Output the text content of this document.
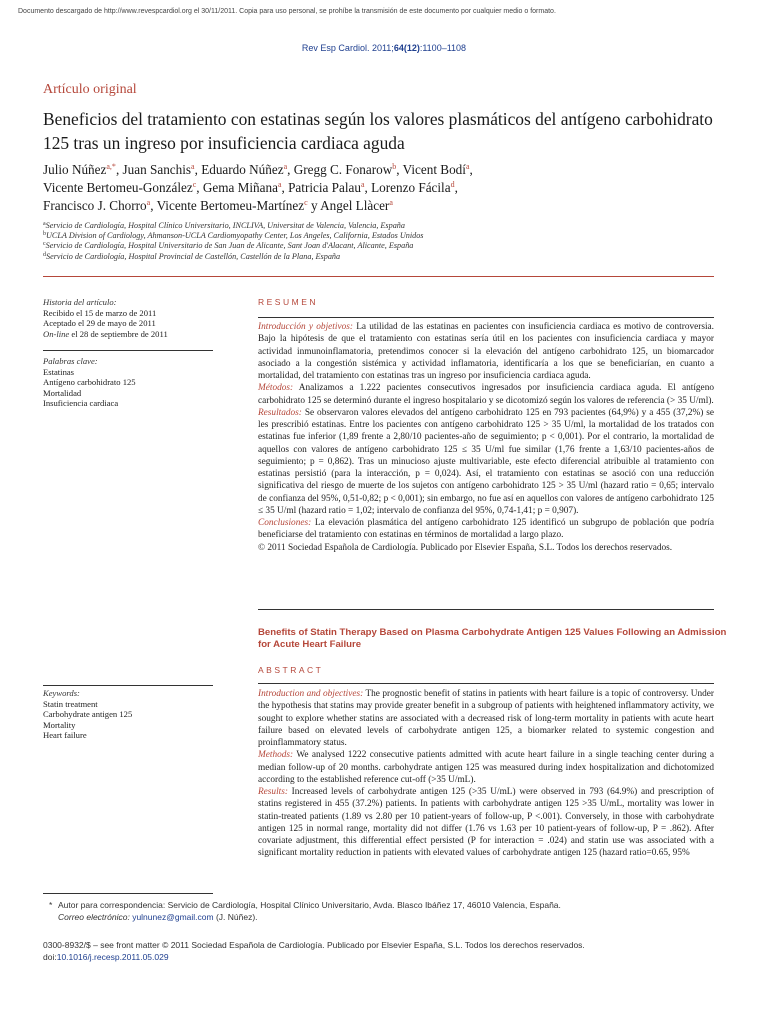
Documento descargado de http://www.revespcardiol.org el 30/11/2011. Copia para uso personal, se prohíbe la transmisión de este documento por cualquier medio o formato.
Rev Esp Cardiol. 2011;64(12):1100–1108
Artículo original
Beneficios del tratamiento con estatinas según los valores plasmáticos del antígeno carbohidrato 125 tras un ingreso por insuficiencia cardiaca aguda
Julio Núñez$^{a,*}$, Juan Sanchis$^a$, Eduardo Núñez$^a$, Gregg C. Fonarow$^b$, Vicent Bodí$^a$,
Vicente Bertomeu-González$^c$, Gema Miñana$^a$, Patricia Palau$^a$, Lorenzo Fácila$^d$,
Francisco J. Chorro$^a$, Vicente Bertomeu-Martínez$^c$ y Angel Llàcer$^a$
$^a$Servicio de Cardiología, Hospital Clínico Universitario, INCLIVA, Universitat de Valencia, Valencia, España
$^b$UCLA Division of Cardiology, Ahmanson-UCLA Cardiomyopathy Center, Los Angeles, California, Estados Unidos
$^c$Servicio de Cardiología, Hospital Universitario de San Juan de Alicante, Sant Joan d'Alacant, Alicante, España
$^d$Servicio de Cardiología, Hospital Provincial de Castellón, Castellón de la Plana, España
Historia del artículo:
Recibido el 15 de marzo de 2011
Aceptado el 29 de mayo de 2011
On-line el 28 de septiembre de 2011
Palabras clave:
Estatinas
Antígeno carbohidrato 125
Mortalidad
Insuficiencia cardiaca
RESUMEN
Introducción y objetivos: La utilidad de las estatinas en pacientes con insuficiencia cardiaca es motivo de controversia. Bajo la hipótesis de que el tratamiento con estatinas sería útil en los pacientes con insuficiencia cardiaca y mayor actividad inmunoinflamatoria, pretendimos conocer si la elevación del antígeno carbohidrato 125, un biomarcador asociado a la congestión sistémica y actividad inflamatoria, identificaría a los que se beneficiarían, en cuanto a mortalidad, del tratamiento con estatinas tras un ingreso por insuficiencia cardiaca aguda.
Métodos: Analizamos a 1.222 pacientes consecutivos ingresados por insuficiencia cardiaca aguda. El antígeno carbohidrato 125 se determinó durante el ingreso hospitalario y se dicotomizó según los valores de referencia (> 35 U/ml).
Resultados: Se observaron valores elevados del antígeno carbohidrato 125 en 793 pacientes (64,9%) y a 455 (37,2%) se les prescribió estatinas. Entre los pacientes con antígeno carbohidrato 125 > 35 U/ml, la mortalidad de los tratados con estatinas fue inferior (1,89 frente a 2,80/10 pacientes-año de seguimiento; p < 0,001). Por el contrario, la mortalidad de aquellos con valores de antígeno carbohidrato 125 ≤ 35 U/ml fue similar (1,76 frente a 1,63/10 pacientes-años de seguimiento; p = 0,862). Tras un minucioso ajuste multivariable, este efecto diferencial atribuible al tratamiento con estatinas persistió (para la interacción, p = 0,024). Así, el tratamiento con estatinas se asoció con una reducción significativa del riesgo de muerte de los sujetos con antígeno carbohidrato 125 > 35 U/ml (hazard ratio = 0,65; intervalo de confianza del 95%, 0,51-0,82; p < 0,001); sin embargo, no fue así en aquellos con valores de antígeno carbohidrato 125 ≤ 35 U/ml (hazard ratio = 1,02; intervalo de confianza del 95%, 0,74-1,41; p = 0,907).
Conclusiones: La elevación plasmática del antígeno carbohidrato 125 identificó un subgrupo de población que podría beneficiarse del tratamiento con estatinas en términos de mortalidad a largo plazo.
© 2011 Sociedad Española de Cardiología. Publicado por Elsevier España, S.L. Todos los derechos reservados.
Benefits of Statin Therapy Based on Plasma Carbohydrate Antigen 125 Values Following an Admission for Acute Heart Failure
ABSTRACT
Keywords:
Statin treatment
Carbohydrate antigen 125
Mortality
Heart failure
Introduction and objectives: The prognostic benefit of statins in patients with heart failure is a topic of controversy. Under the hypothesis that statins may provide greater benefit in a subgroup of patients with heightened inflammatory activity, we sought to explore whether statins are associated with a decreased risk of long-term mortality in patients with acute heart failure based on elevated levels of carbohydrate antigen 125, a biomarker related to systemic congestion and proinflammatory status.
Methods: We analysed 1222 consecutive patients admitted with acute heart failure in a single teaching center during a median follow-up of 20 months. carbohydrate antigen 125 was measured during index hospitalization and dichotomized according to the established reference cut-off (>35 U/mL).
Results: Increased levels of carbohydrate antigen 125 (>35 U/mL) were observed in 793 (64.9%) and prescription of statins registered in 455 (37.2%) patients. In patients with carbohydrate antigen 125 >35 U/mL, mortality was lower in statin-treated patients (1.89 vs 2.80 per 10 patient-years of follow-up, P <.001). Conversely, in those with carbohydrate antigen 125 in normal range, mortality did not differ (1.76 vs 1.63 per 10 patient-years of follow-up, P = .862). After covariate adjustment, this differential effect persisted (P for interaction = .024) and statin use was associated with a significant mortality reduction in patients with elevated values of carbohydrate antigen 125 (hazard ratio=0.65, 95%
* Autor para correspondencia: Servicio de Cardiología, Hospital Clínico Universitario, Avda. Blasco Ibáñez 17, 46010 Valencia, España.
Correo electrónico: yulnunez@gmail.com (J. Núñez).
0300-8932/$ – see front matter © 2011 Sociedad Española de Cardiología. Publicado por Elsevier España, S.L. Todos los derechos reservados.
doi:10.1016/j.recesp.2011.05.029
